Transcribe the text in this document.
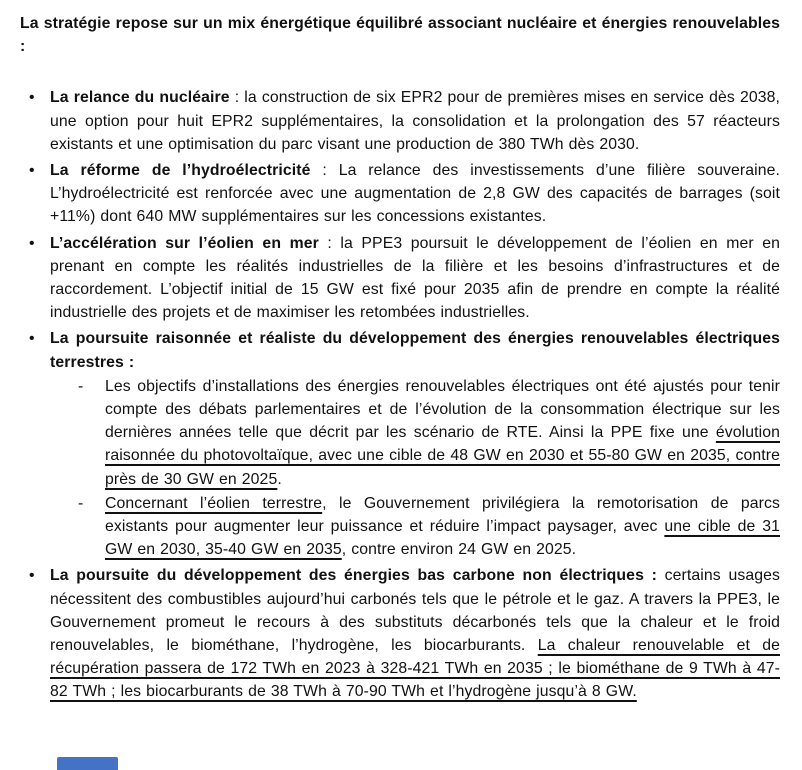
La stratégie repose sur un mix énergétique équilibré associant nucléaire et énergies renouvelables :

• La relance du nucléaire : la construction de six EPR2 pour de premières mises en service dès 2038, une option pour huit EPR2 supplémentaires, la consolidation et la prolongation des 57 réacteurs existants et une optimisation du parc visant une production de 380 TWh dès 2030.

• La réforme de l’hydroélectricité : La relance des investissements d’une filière souveraine. L’hydroélectricité est renforcée avec une augmentation de 2,8 GW des capacités de barrages (soit +11%) dont 640 MW supplémentaires sur les concessions existantes.

• L’accélération sur l’éolien en mer : la PPE3 poursuit le développement de l’éolien en mer en prenant en compte les réalités industrielles de la filière et les besoins d’infrastructures et de raccordement. L’objectif initial de 15 GW est fixé pour 2035 afin de prendre en compte la réalité industrielle des projets et de maximiser les retombées industrielles.

• La poursuite raisonnée et réaliste du développement des énergies renouvelables électriques terrestres :

-	Les objectifs d’installations des énergies renouvelables électriques ont été ajustés pour tenir compte des débats parlementaires et de l’évolution de la consommation électrique sur les dernières années telle que décrit par les scénario de RTE. Ainsi la PPE fixe une évolution raisonnée du photovoltaïque, avec une cible de 48 GW en 2030 et 55-80 GW en 2035, contre près de 30 GW en 2025.

-	Concernant l’éolien terrestre, le Gouvernement privilégiera la remotorisation de parcs existants pour augmenter leur puissance et réduire l’impact paysager, avec une cible de 31 GW en 2030, 35-40 GW en 2035, contre environ 24 GW en 2025.

• La poursuite du développement des énergies bas carbone non électriques : certains usages nécessitent des combustibles aujourd’hui carbonés tels que le pétrole et le gaz. A travers la PPE3, le Gouvernement promeut le recours à des substituts décarbonés tels que la chaleur et le froid renouvelables, le biométhane, l’hydrogène, les biocarburants. La chaleur renouvelable et de récupération passera de 172 TWh en 2023 à 328-421 TWh en 2035 ; le biométhane de 9 TWh à 47-82 TWh ; les biocarburants de 38 TWh à 70-90 TWh et l’hydrogène jusqu’à 8 GW.
